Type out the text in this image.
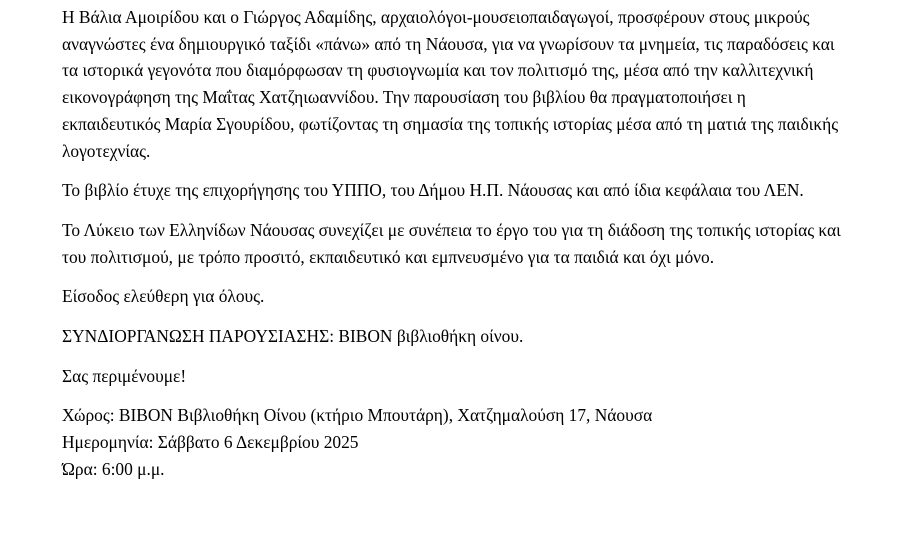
Η Βάλια Αμοιρίδου και ο Γιώργος Αδαμίδης, αρχαιολόγοι-μουσειοπαιδαγωγοί, προσφέρουν στους μικρούς αναγνώστες ένα δημιουργικό ταξίδι «πάνω» από τη Νάουσα, για να γνωρίσουν τα μνημεία, τις παραδόσεις και τα ιστορικά γεγονότα που διαμόρφωσαν τη φυσιογνωμία και τον πολιτισμό της, μέσα από την καλλιτεχνική εικονογράφηση της Μαΐτας Χατζηιωαννίδου. Την παρουσίαση του βιβλίου θα πραγματοποιήσει η εκπαιδευτικός Μαρία Σγουρίδου, φωτίζοντας τη σημασία της τοπικής ιστορίας μέσα από τη ματιά της παιδικής λογοτεχνίας.

Το βιβλίο έτυχε της επιχορήγησης του ΥΠΠΟ, του Δήμου Η.Π. Νάουσας και από ίδια κεφάλαια του ΛΕΝ.

Το Λύκειο των Ελληνίδων Νάουσας συνεχίζει με συνέπεια το έργο του για τη διάδοση της τοπικής ιστορίας και του πολιτισμού, με τρόπο προσιτό, εκπαιδευτικό και εμπνευσμένο για τα παιδιά και όχι μόνο.

Είσοδος ελεύθερη για όλους.

ΣΥΝΔΙΟΡΓΑΝΩΣΗ ΠΑΡΟΥΣΙΑΣΗΣ: BIBON βιβλιοθήκη οίνου.

Σας περιμένουμε!

Χώρος: BIBON Βιβλιοθήκη Οίνου (κτήριο Μπουτάρη), Χατζημαλούση 17, Νάουσα
Ημερομηνία: Σάββατο 6 Δεκεμβρίου 2025
Ώρα: 6:00 μ.μ.
